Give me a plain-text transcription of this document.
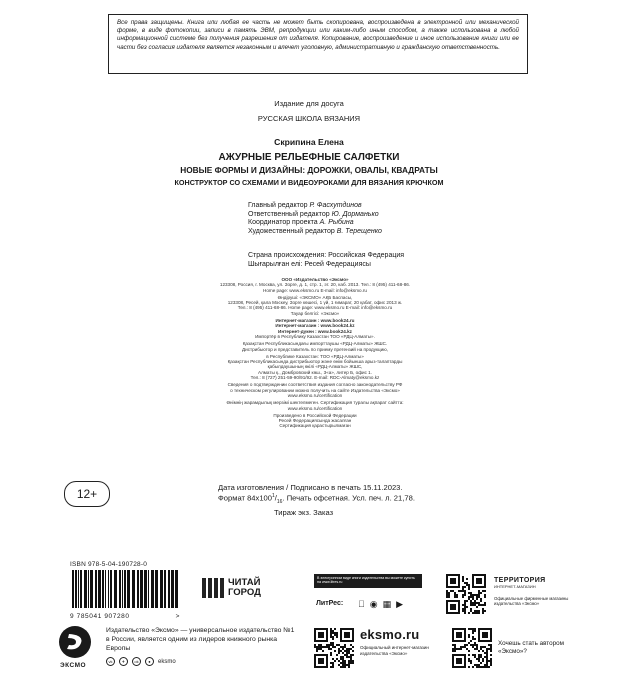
Все права защищены. Книга или любая ее часть не может быть скопирована, воспроизведена в электронной или механической форме, в виде фотокопии, записи в память ЭВМ, репродукции или каким-либо иным способом, а также использована в любой информационной системе без получения разрешения от издателя. Копирование, воспроизведение и иное использование книги или ее части без согласия издателя является незаконным и влечет уголовную, административную и гражданскую ответственность.
Издание для досуга
РУССКАЯ ШКОЛА ВЯЗАНИЯ
Скрипина Елена
АЖУРНЫЕ РЕЛЬЕФНЫЕ САЛФЕТКИ
НОВЫЕ ФОРМЫ И ДИЗАЙНЫ: ДОРОЖКИ, ОВАЛЫ, КВАДРАТЫ
КОНСТРУКТОР СО СХЕМАМИ И ВИДЕОУРОКАМИ ДЛЯ ВЯЗАНИЯ КРЮЧКОМ
Главный редактор Р. Фасхутдинов
Ответственный редактор Ю. Дорманько
Координатор проекта А. Рыбина
Художественный редактор В. Терещенко
Страна происхождения: Российская Федерация
Шығарылған елі: Ресей Федерациясы
ООО «Издательство «Эксмо»
123308, Россия, г. Москва, ул. Зорге, д. 1, стр. 1, эт. 20, каб. 2013. Тел.: 8 (495) 411-68-86.
Home page: www.eksmo.ru E-mail: info@eksmo.ru
Өндіруші: «ЭКСМО» АҚБ Баспасы,
123308, Ресей, қала Мәскеу, Зорге көшесі, 1 үй, 1 ғимарат, 20 қабат, офис 2013 ж.
Тел.: 8 (495) 411-68-86. Home page: www.eksmo.ru E-mail: info@eksmo.ru
Тауар белгісі: «Эксмо»
Интернет-магазин : www.book24.ru
Интернет-магазин : www.book24.kz
Интернет-дүкен : www.book24.kz
Импортёр в Республику Казахстан ТОО «РДЦ-Алматы».
Қазақстан Республикасындағы импорттаушы «РДЦ-Алматы» ЖШС.
Дистрибьютор и представитель по приему претензий на продукцию,
в Республике Казахстан: ТОО «РДЦ-Алматы»
Қазақстан Республикасында дистрибьютор және өнім бойынша арыз-талаптарды
қабылдаушының өкілі «РДЦ-Алматы» ЖШС,
Алматы қ., Домбровский көш., 3«а», литер Б, офис 1.
Тел.: 8 (727) 251-59-90/91/92. E-mail: RDC-Almaty@eksmo.kz
Сведения о подтверждении соответствия издания согласно законодательству РФ
о техническом регулировании можно получить на сайте Издательства «Эксмо»
www.eksmo.ru/certification
Өнімнің жарамдылық мерзімі шектелмеген. Сертификация туралы ақпарат сайтта:
www.eksmo.ru/certification
Произведено в Российской Федерации
Ресей Федерациясында жасалған
Сертификация қарастырылмаған
12+	Дата изготовления / Подписано в печать 15.11.2023.
Формат $84x100^1/_{16}$. Печать офсетная. Усл. печ. л. 21,78.
Тираж экз. Заказ
ISBN 978-5-04-190728-0
9 785041 907280	>
ЧИТАЙ
ГОРОД
В электронном виде книги издательства вы можете купить на www.litres.ru
ЛитРес: ◉ ▦ ▶
ТЕРРИТОРИЯ
ИНТЕРНЕТ-МАГАЗИН
Официальные фирменные магазины издательства «Эксмо»
ЭКСМО
Издательство «Эксмо» — универсальное издательство №1 в России, является одним из лидеров книжного рынка Европы
vk	✈	ok	●	eksmo
eksmo.ru
Официальный интернет-магазин издательства «Эксмо»
Хочешь стать автором «Эксмо»?
